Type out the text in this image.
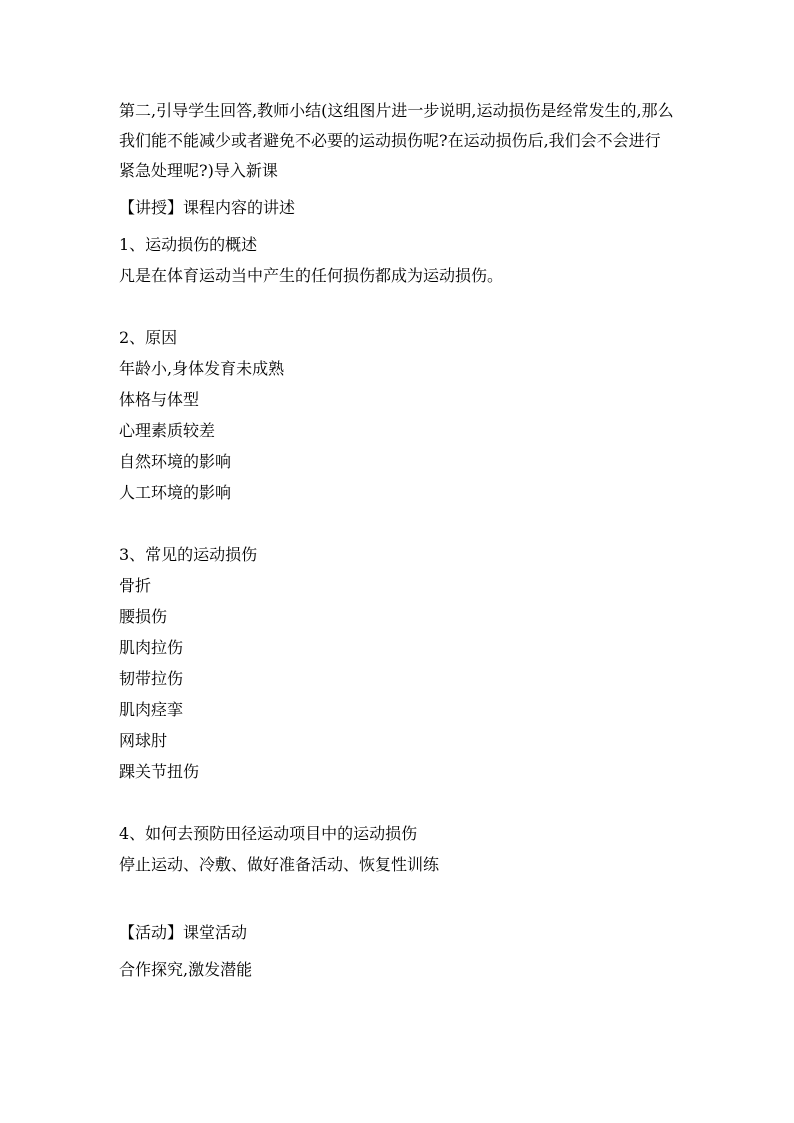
第二,引导学生回答,教师小结(这组图片进一步说明,运动损伤是经常发生的,那么我们能不能减少或者避免不必要的运动损伤呢?在运动损伤后,我们会不会进行紧急处理呢?)导入新课

【讲授】课程内容的讲述

1、运动损伤的概述

凡是在体育运动当中产生的任何损伤都成为运动损伤。

2、原因

年龄小,身体发育未成熟

体格与体型

心理素质较差

自然环境的影响

人工环境的影响

3、常见的运动损伤

骨折

腰损伤

肌肉拉伤

韧带拉伤

肌肉痉挛

网球肘

踝关节扭伤

4、如何去预防田径运动项目中的运动损伤

停止运动、冷敷、做好准备活动、恢复性训练

【活动】课堂活动

合作探究,激发潜能
